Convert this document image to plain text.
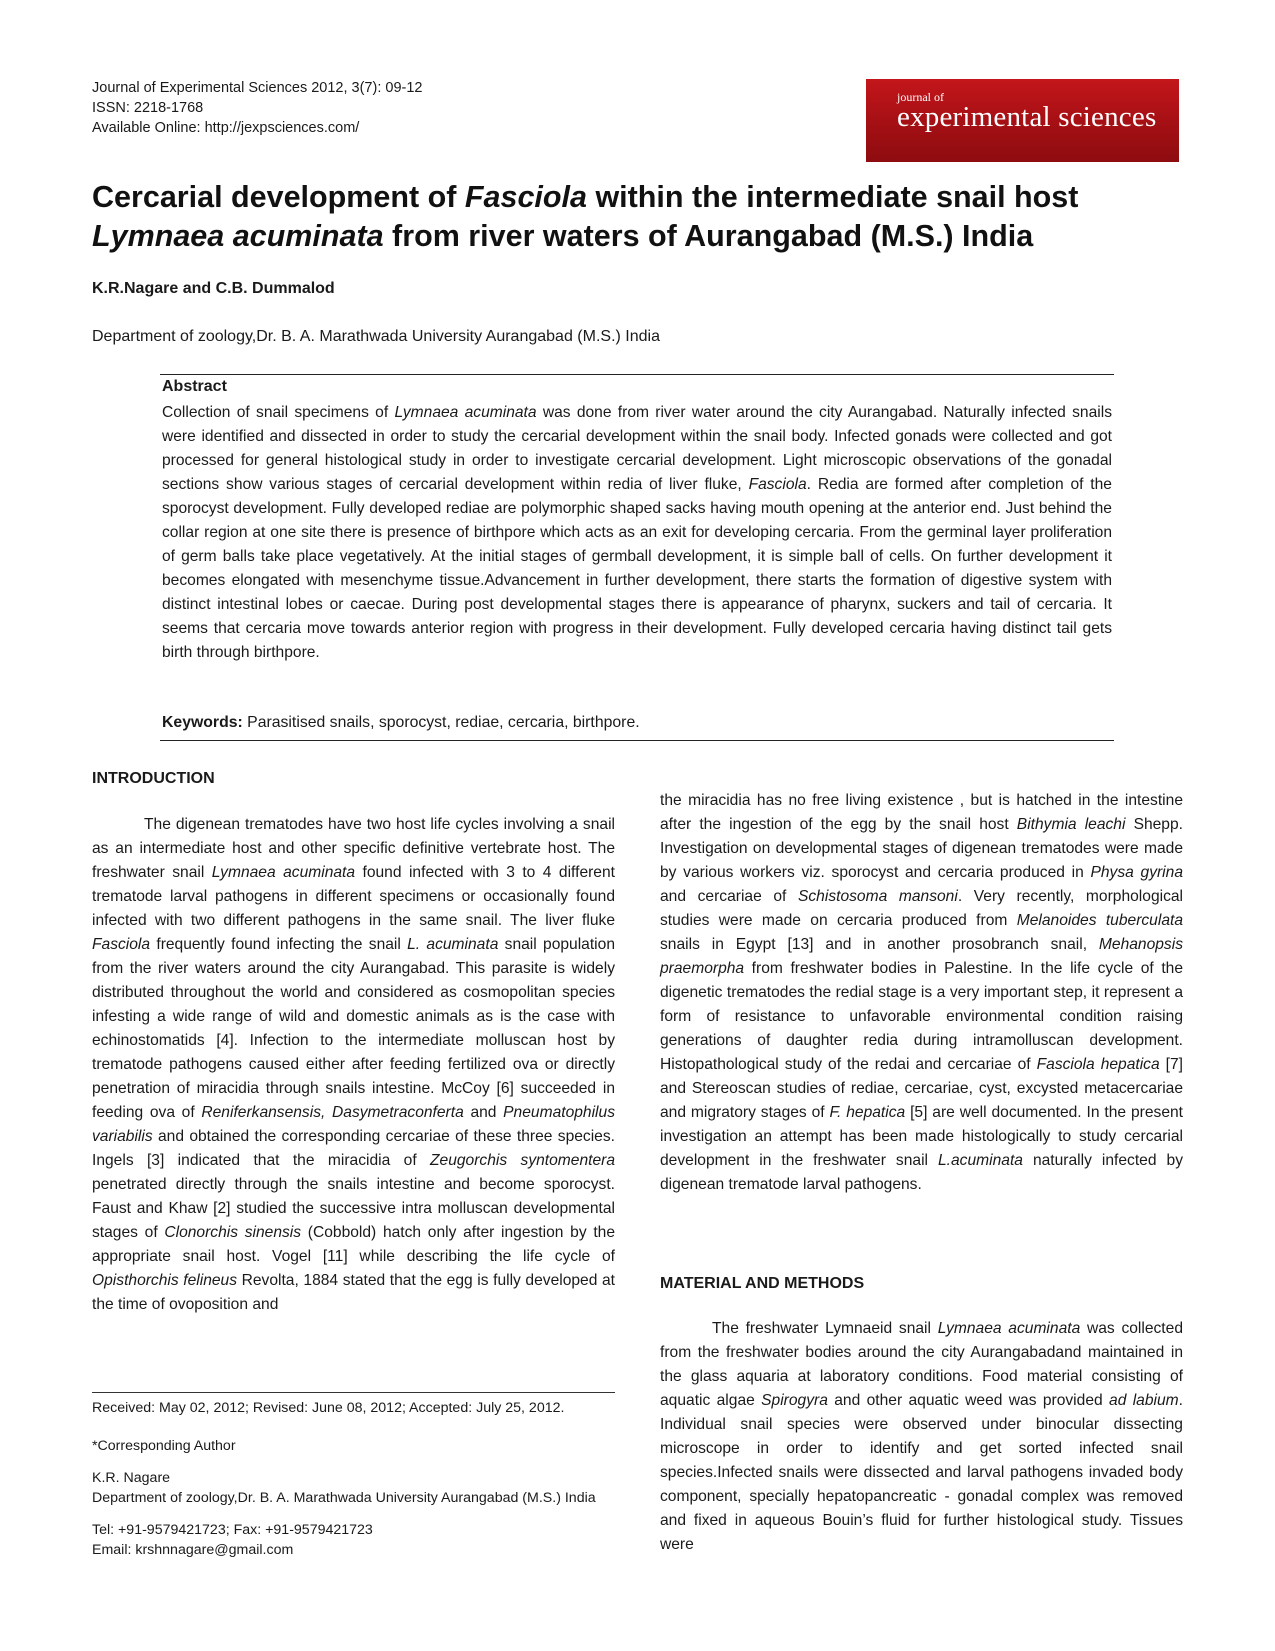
Journal of Experimental Sciences 2012, 3(7): 09-12
ISSN: 2218-1768
Available Online: http://jexpsciences.com/
journal of
experimental sciences
Cercarial development of Fasciola within the intermediate snail host Lymnaea acuminata from river waters of Aurangabad (M.S.) India
K.R.Nagare and C.B. Dummalod
Department of zoology,Dr. B. A. Marathwada University Aurangabad (M.S.) India
Abstract

Collection of snail specimens of Lymnaea acuminata was done from river water around the city Aurangabad. Naturally infected snails were identified and dissected in order to study the cercarial development within the snail body. Infected gonads were collected and got processed for general histological study in order to investigate cercarial development. Light microscopic observations of the gonadal sections show various stages of cercarial development within redia of liver fluke, Fasciola. Redia are formed after completion of the sporocyst development. Fully developed rediae are polymorphic shaped sacks having mouth opening at the anterior end. Just behind the collar region at one site there is presence of birthpore which acts as an exit for developing cercaria. From the germinal layer proliferation of germ balls take place vegetatively. At the initial stages of germball development, it is simple ball of cells. On further development it becomes elongated with mesenchyme tissue.Advancement in further development, there starts the formation of digestive system with distinct intestinal lobes or caecae. During post developmental stages there is appearance of pharynx, suckers and tail of cercaria. It seems that cercaria move towards anterior region with progress in their development. Fully developed cercaria having distinct tail gets birth through birthpore.

Keywords: Parasitised snails, sporocyst, rediae, cercaria, birthpore.
INTRODUCTION

The digenean trematodes have two host life cycles involving a snail as an intermediate host and other specific definitive vertebrate host. The freshwater snail Lymnaea acuminata found infected with 3 to 4 different trematode larval pathogens in different specimens or occasionally found infected with two different pathogens in the same snail. The liver fluke Fasciola frequently found infecting the snail L. acuminata snail population from the river waters around the city Aurangabad. This parasite is widely distributed throughout the world and considered as cosmopolitan species infesting a wide range of wild and domestic animals as is the case with echinostomatids [4]. Infection to the intermediate molluscan host by trematode pathogens caused either after feeding fertilized ova or directly penetration of miracidia through snails intestine. McCoy [6] succeeded in feeding ova of Reniferkansensis, Dasymetraconferta and Pneumatophilus variabilis and obtained the corresponding cercariae of these three species. Ingels [3] indicated that the miracidia of Zeugorchis syntomentera penetrated directly through the snails intestine and become sporocyst. Faust and Khaw [2] studied the successive intra molluscan developmental stages of Clonorchis sinensis (Cobbold) hatch only after ingestion by the appropriate snail host. Vogel [11] while describing the life cycle of Opisthorchis felineus Revolta, 1884 stated that the egg is fully developed at the time of ovoposition and

Received: May 02, 2012; Revised: June 08, 2012; Accepted: July 25, 2012.
*Corresponding Author
K.R. Nagare
Department of zoology,Dr. B. A. Marathwada University Aurangabad (M.S.) India
Tel: +91-9579421723; Fax: +91-9579421723
Email: krshnnagare@gmail.com

the miracidia has no free living existence , but is hatched in the intestine after the ingestion of the egg by the snail host Bithymia leachi Shepp. Investigation on developmental stages of digenean trematodes were made by various workers viz. sporocyst and cercaria produced in Physa gyrina and cercariae of Schistosoma mansoni. Very recently, morphological studies were made on cercaria produced from Melanoides tuberculata snails in Egypt [13] and in another prosobranch snail, Mehanopsis praemorpha from freshwater bodies in Palestine. In the life cycle of the digenetic trematodes the redial stage is a very important step, it represent a form of resistance to unfavorable environmental condition raising generations of daughter redia during intramolluscan development. Histopathological study of the redai and cercariae of Fasciola hepatica [7] and Stereoscan studies of rediae, cercariae, cyst, excysted metacercariae and migratory stages of F. hepatica [5] are well documented. In the present investigation an attempt has been made histologically to study cercarial development in the freshwater snail L.acuminata naturally infected by digenean trematode larval pathogens.

MATERIAL AND METHODS

The freshwater Lymnaeid snail Lymnaea acuminata was collected from the freshwater bodies around the city Aurangabadand maintained in the glass aquaria at laboratory conditions. Food material consisting of aquatic algae Spirogyra and other aquatic weed was provided ad labium. Individual snail species were observed under binocular dissecting microscope in order to identify and get sorted infected snail species.Infected snails were dissected and larval pathogens invaded body component, specially hepatopancreatic - gonadal complex was removed and fixed in aqueous Bouin’s fluid for further histological study. Tissues were
